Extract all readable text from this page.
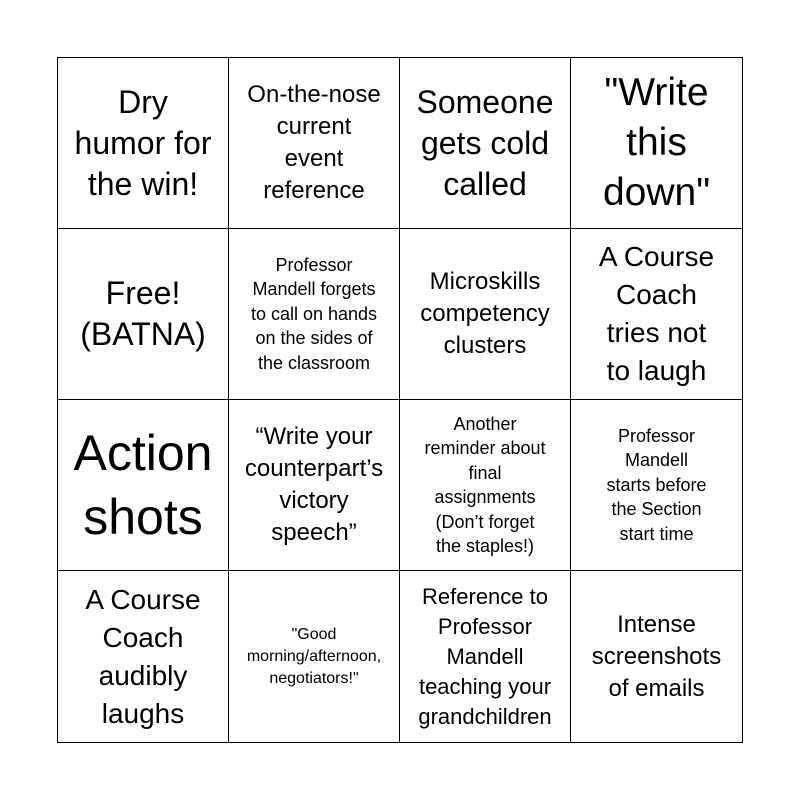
Dry
humor for
the win!
On-the-nose
current
event
reference
Someone
gets cold
called
"Write
this
down"
Free!
(BATNA)
Professor
Mandell forgets
to call on hands
on the sides of
the classroom
Microskills
competency
clusters
A Course
Coach
tries not
to laugh
Action
shots
“Write your
counterpart’s
victory
speech”
Another
reminder about
final
assignments
(Don’t forget
the staples!)
Professor
Mandell
starts before
the Section
start time
A Course
Coach
audibly
laughs
"Good
morning/afternoon,
negotiators!"
Reference to
Professor
Mandell
teaching your
grandchildren
Intense
screenshots
of emails
